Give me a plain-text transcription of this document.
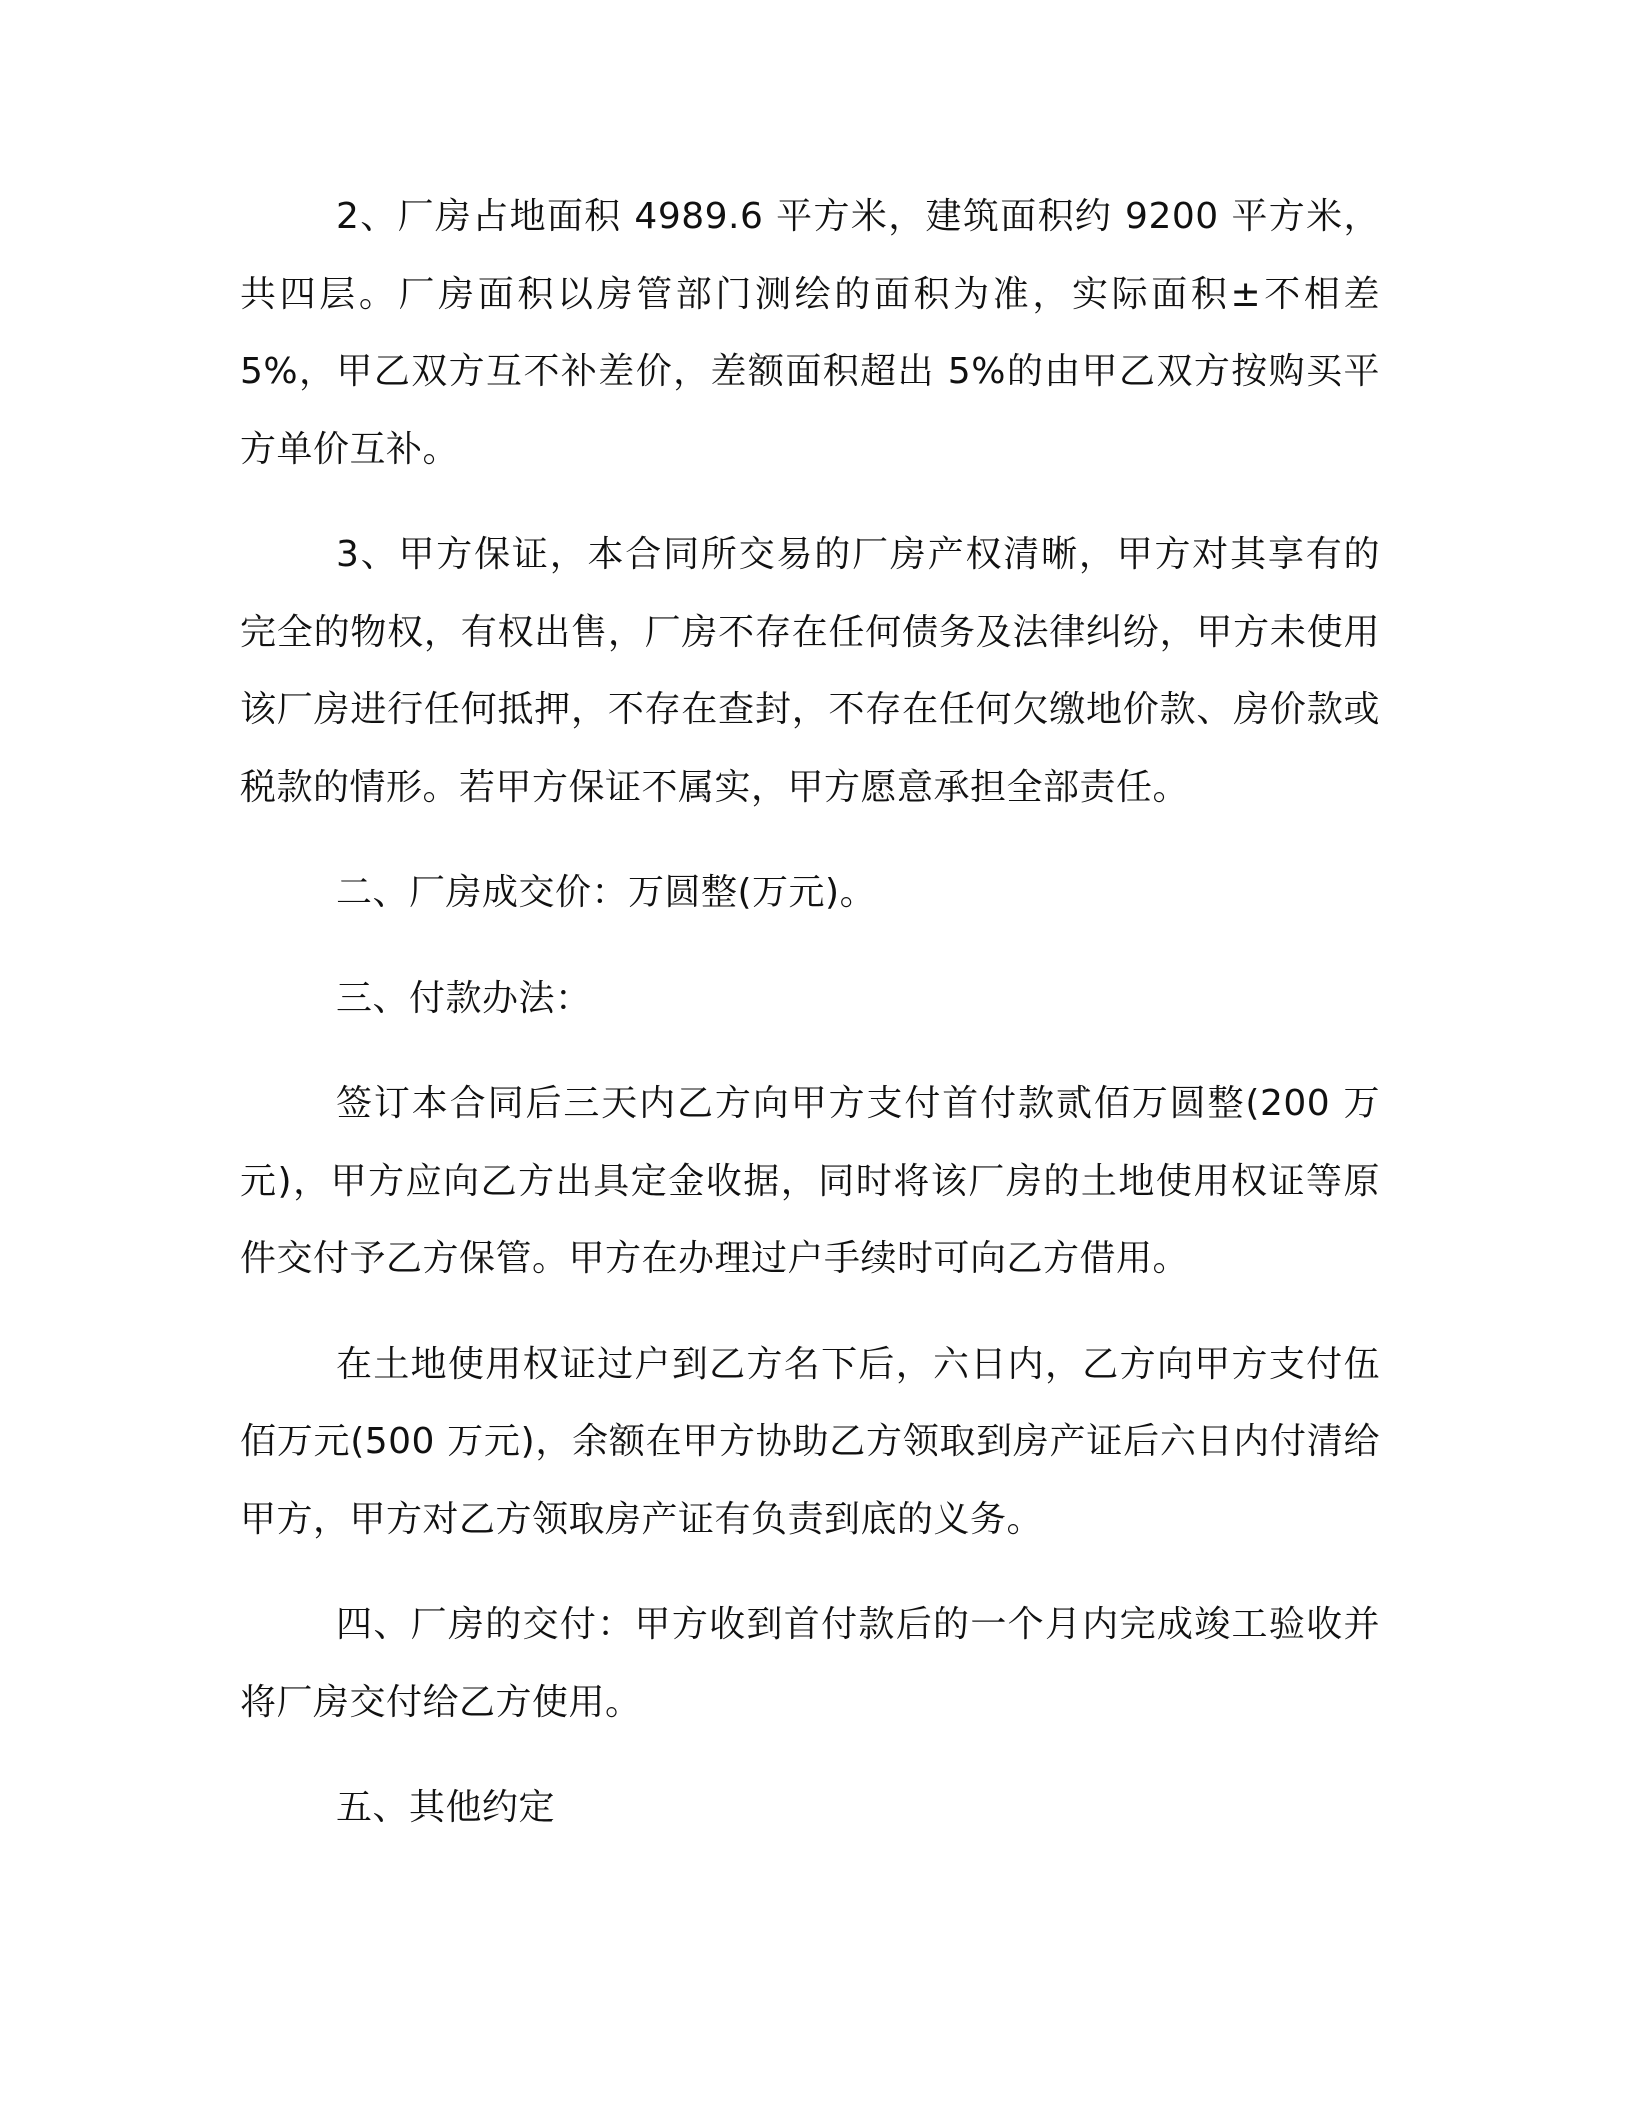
2、厂房占地面积 4989.6 平方米，建筑面积约 9200 平方米，共四层。厂房面积以房管部门测绘的面积为准，实际面积±不相差 5%，甲乙双方互不补差价，差额面积超出 5%的由甲乙双方按购买平方单价互补。

3、甲方保证，本合同所交易的厂房产权清晰，甲方对其享有的完全的物权，有权出售，厂房不存在任何债务及法律纠纷，甲方未使用该厂房进行任何抵押，不存在查封，不存在任何欠缴地价款、房价款或税款的情形。若甲方保证不属实，甲方愿意承担全部责任。

二、厂房成交价：万圆整(万元)。

三、付款办法：

签订本合同后三天内乙方向甲方支付首付款贰佰万圆整(200 万元)，甲方应向乙方出具定金收据，同时将该厂房的土地使用权证等原件交付予乙方保管。甲方在办理过户手续时可向乙方借用。

在土地使用权证过户到乙方名下后，六日内，乙方向甲方支付伍佰万元(500 万元)，余额在甲方协助乙方领取到房产证后六日内付清给甲方，甲方对乙方领取房产证有负责到底的义务。

四、厂房的交付：甲方收到首付款后的一个月内完成竣工验收并将厂房交付给乙方使用。

五、其他约定
